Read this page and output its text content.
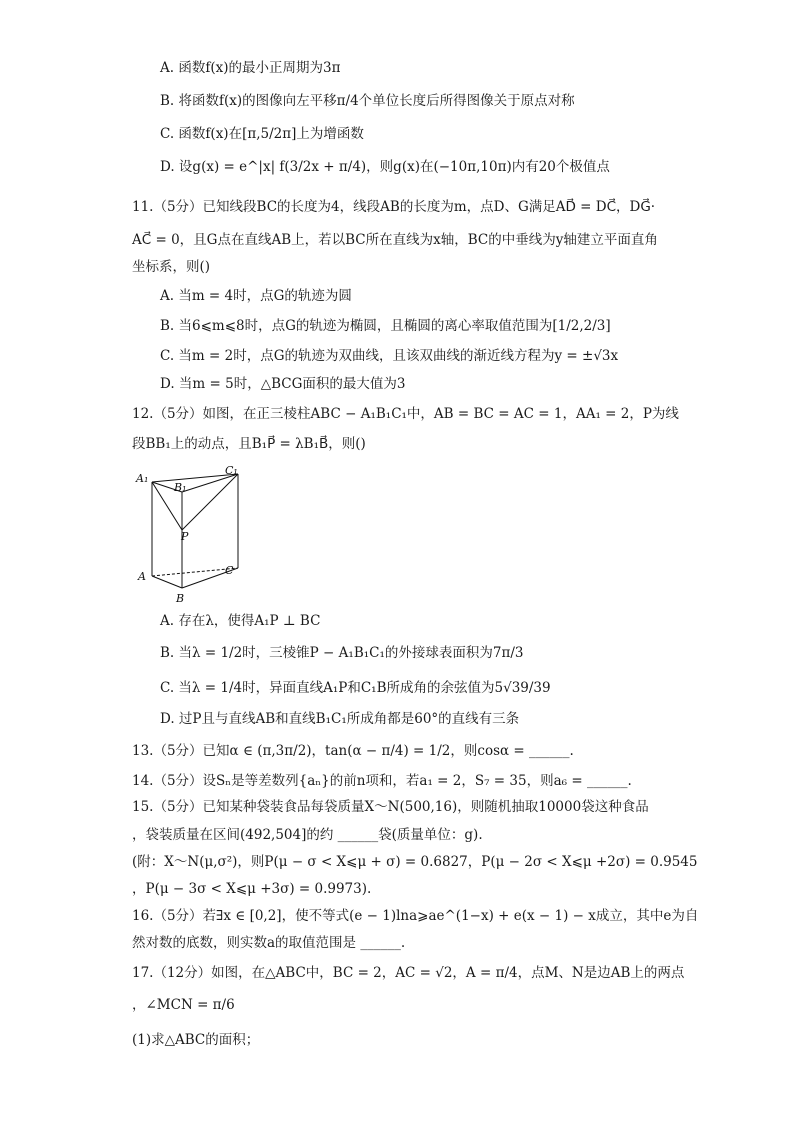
A. 函数f(x)的最小正周期为3π
B. 将函数f(x)的图像向左平移π/4个单位长度后所得图像关于原点对称
C. 函数f(x)在[π,5/2π]上为增函数
D. 设g(x) = e^|x| f(3/2x + π/4)，则g(x)在(−10π,10π)内有20个极值点
11.（5分）已知线段BC的长度为4，线段AB的长度为m，点D、G满足AD⃗ = DC⃗，DG⃗·
AC⃗ = 0，且G点在直线AB上，若以BC所在直线为x轴，BC的中垂线为y轴建立平面直角
坐标系，则()
A. 当m = 4时，点G的轨迹为圆
B. 当6⩽m⩽8时，点G的轨迹为椭圆，且椭圆的离心率取值范围为[1/2,2/3]
C. 当m = 2时，点G的轨迹为双曲线，且该双曲线的渐近线方程为y = ±√3x
D. 当m = 5时，△BCG面积的最大值为3
12.（5分）如图，在正三棱柱ABC − A₁B₁C₁中，AB = BC = AC = 1，AA₁ = 2，P为线
段BB₁上的动点，且B₁P⃗ = λB₁B⃗，则()
A₁
B₁
C₁
P
A
B
C
A. 存在λ，使得A₁P ⊥ BC
B. 当λ = 1/2时，三棱锥P − A₁B₁C₁的外接球表面积为7π/3
C. 当λ = 1/4时，异面直线A₁P和C₁B所成角的余弦值为5√39/39
D. 过P且与直线AB和直线B₁C₁所成角都是60°的直线有三条
13.（5分）已知α ∈ (π,3π/2)，tan(α − π/4) = 1/2，则cosα = ______.
14.（5分）设Sₙ是等差数列{aₙ}的前n项和，若a₁ = 2，S₇ = 35，则a₆ = ______.
15.（5分）已知某种袋装食品每袋质量X～N(500,16)，则随机抽取10000袋这种食品
，袋装质量在区间(492,504]的约 ______袋(质量单位：g).
(附：X～N(μ,σ²)，则P(μ − σ < X⩽μ + σ) = 0.6827，P(μ − 2σ < X⩽μ +2σ) = 0.9545
，P(μ − 3σ < X⩽μ +3σ) = 0.9973).
16.（5分）若∃x ∈ [0,2]，使不等式(e − 1)lna⩾ae^(1−x) + e(x − 1) − x成立，其中e为自
然对数的底数，则实数a的取值范围是 ______.
17.（12分）如图，在△ABC中，BC = 2，AC = √2，A = π/4，点M、N是边AB上的两点
，∠MCN = π/6
(1)求△ABC的面积；
